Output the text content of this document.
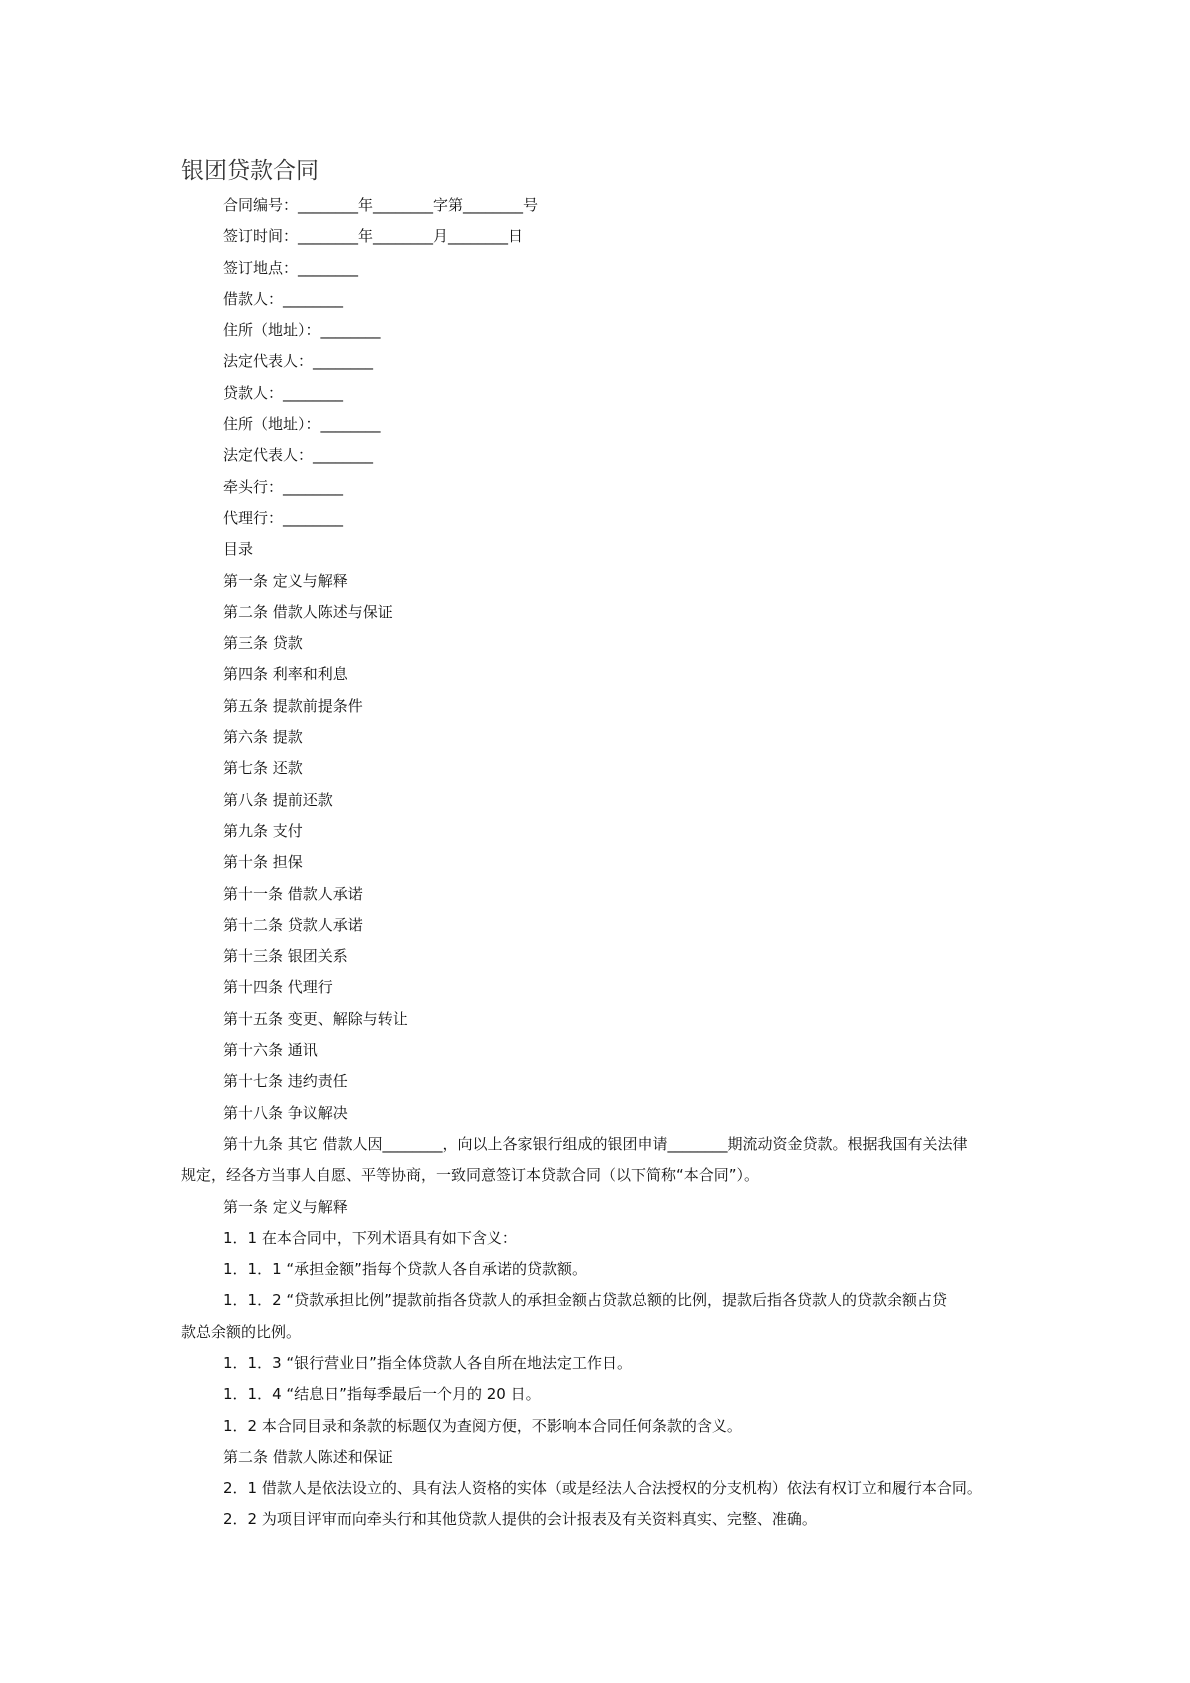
银团贷款合同
合同编号：________年________字第________号
签订时间：________年________月________日
签订地点：________
借款人：________
住所（地址）：________
法定代表人：________
贷款人：________
住所（地址）：________
法定代表人：________
牵头行：________
代理行：________
目录
第一条 定义与解释
第二条 借款人陈述与保证
第三条 贷款
第四条 利率和利息
第五条 提款前提条件
第六条 提款
第七条 还款
第八条 提前还款
第九条 支付
第十条 担保
第十一条 借款人承诺
第十二条 贷款人承诺
第十三条 银团关系
第十四条 代理行
第十五条 变更、解除与转让
第十六条 通讯
第十七条 违约责任
第十八条 争议解决
第十九条 其它 借款人因________，向以上各家银行组成的银团申请________期流动资金贷款。根据我国有关法律
规定，经各方当事人自愿、平等协商，一致同意签订本贷款合同（以下简称“本合同”）。
第一条 定义与解释
1．1 在本合同中，下列术语具有如下含义：
1．1．1 “承担金额”指每个贷款人各自承诺的贷款额。
1．1．2 “贷款承担比例”提款前指各贷款人的承担金额占贷款总额的比例，提款后指各贷款人的贷款余额占贷
款总余额的比例。
1．1．3 “银行营业日”指全体贷款人各自所在地法定工作日。
1．1．4 “结息日”指每季最后一个月的 20 日。
1．2 本合同目录和条款的标题仅为查阅方便，不影响本合同任何条款的含义。
第二条 借款人陈述和保证
2．1 借款人是依法设立的、具有法人资格的实体（或是经法人合法授权的分支机构）依法有权订立和履行本合同。
2．2 为项目评审而向牵头行和其他贷款人提供的会计报表及有关资料真实、完整、准确。
